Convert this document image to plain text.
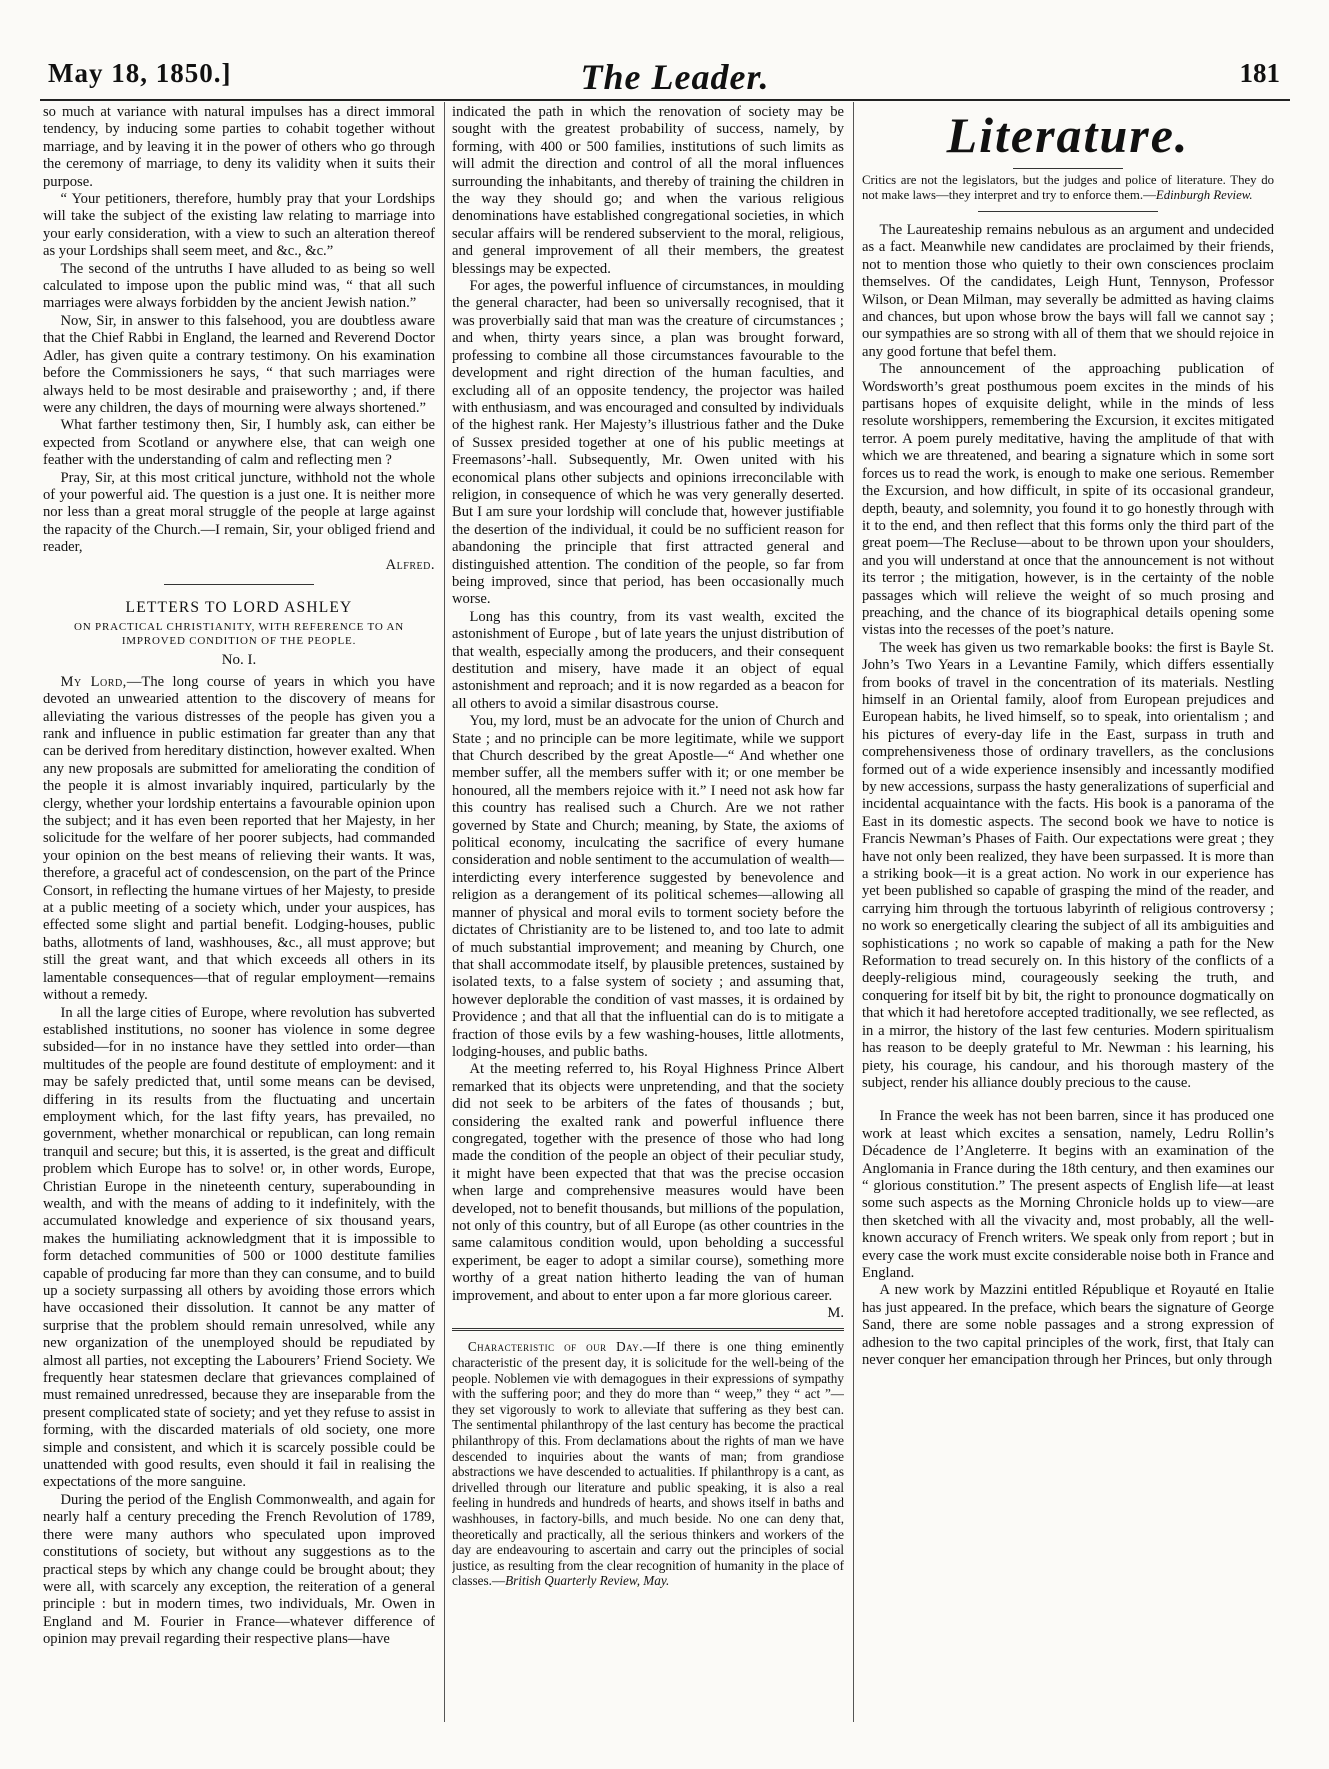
May 18, 1850.]	The Leader.	181

so much at variance with natural impulses has a direct immoral tendency, by inducing some parties to cohabit together without marriage, and by leaving it in the power of others who go through the ceremony of marriage, to deny its validity when it suits their purpose.

“ Your petitioners, therefore, humbly pray that your Lordships will take the subject of the existing law relating to marriage into your early consideration, with a view to such an alteration thereof as your Lordships shall seem meet, and &c., &c.”

The second of the untruths I have alluded to as being so well calculated to impose upon the public mind was, “ that all such marriages were always forbidden by the ancient Jewish nation.”

Now, Sir, in answer to this falsehood, you are doubtless aware that the Chief Rabbi in England, the learned and Reverend Doctor Adler, has given quite a contrary testimony. On his examination before the Commissioners he says, “ that such marriages were always held to be most desirable and praiseworthy ; and, if there were any children, the days of mourning were always shortened.”

What farther testimony then, Sir, I humbly ask, can either be expected from Scotland or anywhere else, that can weigh one feather with the understanding of calm and reflecting men ?

Pray, Sir, at this most critical juncture, withhold not the whole of your powerful aid. The question is a just one. It is neither more nor less than a great moral struggle of the people at large against the rapacity of the Church.—I remain, Sir, your obliged friend and reader,

Alfred.

LETTERS TO LORD ASHLEY

ON PRACTICAL CHRISTIANITY, WITH REFERENCE TO AN IMPROVED CONDITION OF THE PEOPLE.

No. I.

My Lord,—The long course of years in which you have devoted an unwearied attention to the discovery of means for alleviating the various distresses of the people has given you a rank and influence in public estimation far greater than any that can be derived from hereditary distinction, however exalted. When any new proposals are submitted for ameliorating the condition of the people it is almost invariably inquired, particularly by the clergy, whether your lordship entertains a favourable opinion upon the subject; and it has even been reported that her Majesty, in her solicitude for the welfare of her poorer subjects, had commanded your opinion on the best means of relieving their wants. It was, therefore, a graceful act of condescension, on the part of the Prince Consort, in reflecting the humane virtues of her Majesty, to preside at a public meeting of a society which, under your auspices, has effected some slight and partial benefit. Lodging-houses, public baths, allotments of land, washhouses, &c., all must approve; but still the great want, and that which exceeds all others in its lamentable consequences—that of regular employment—remains without a remedy.

In all the large cities of Europe, where revolution has subverted established institutions, no sooner has violence in some degree subsided—for in no instance have they settled into order—than multitudes of the people are found destitute of employment: and it may be safely predicted that, until some means can be devised, differing in its results from the fluctuating and uncertain employment which, for the last fifty years, has prevailed, no government, whether monarchical or republican, can long remain tranquil and secure; but this, it is asserted, is the great and difficult problem which Europe has to solve! or, in other words, Europe, Christian Europe in the nineteenth century, superabounding in wealth, and with the means of adding to it indefinitely, with the accumulated knowledge and experience of six thousand years, makes the humiliating acknowledgment that it is impossible to form detached communities of 500 or 1000 destitute families capable of producing far more than they can consume, and to build up a society surpassing all others by avoiding those errors which have occasioned their dissolution. It cannot be any matter of surprise that the problem should remain unresolved, while any new organization of the unemployed should be repudiated by almost all parties, not excepting the Labourers’ Friend Society. We frequently hear statesmen declare that grievances complained of must remained unredressed, because they are inseparable from the present complicated state of society; and yet they refuse to assist in forming, with the discarded materials of old society, one more simple and consistent, and which it is scarcely possible could be unattended with good results, even should it fail in realising the expectations of the more sanguine.

During the period of the English Commonwealth, and again for nearly half a century preceding the French Revolution of 1789, there were many authors who speculated upon improved constitutions of society, but without any suggestions as to the practical steps by which any change could be brought about; they were all, with scarcely any exception, the reiteration of a general principle : but in modern times, two individuals, Mr. Owen in England and M. Fourier in France—whatever difference of opinion may prevail regarding their respective plans—have

indicated the path in which the renovation of society may be sought with the greatest probability of success, namely, by forming, with 400 or 500 families, institutions of such limits as will admit the direction and control of all the moral influences surrounding the inhabitants, and thereby of training the children in the way they should go; and when the various religious denominations have established congregational societies, in which secular affairs will be rendered subservient to the moral, religious, and general improvement of all their members, the greatest blessings may be expected.

For ages, the powerful influence of circumstances, in moulding the general character, had been so universally recognised, that it was proverbially said that man was the creature of circumstances ; and when, thirty years since, a plan was brought forward, professing to combine all those circumstances favourable to the development and right direction of the human faculties, and excluding all of an opposite tendency, the projector was hailed with enthusiasm, and was encouraged and consulted by individuals of the highest rank. Her Majesty’s illustrious father and the Duke of Sussex presided together at one of his public meetings at Freemasons’-hall. Subsequently, Mr. Owen united with his economical plans other subjects and opinions irreconcilable with religion, in consequence of which he was very generally deserted. But I am sure your lordship will conclude that, however justifiable the desertion of the individual, it could be no sufficient reason for abandoning the principle that first attracted general and distinguished attention. The condition of the people, so far from being improved, since that period, has been occasionally much worse.

Long has this country, from its vast wealth, excited the astonishment of Europe , but of late years the unjust distribution of that wealth, especially among the producers, and their consequent destitution and misery, have made it an object of equal astonishment and reproach; and it is now regarded as a beacon for all others to avoid a similar disastrous course.

You, my lord, must be an advocate for the union of Church and State ; and no principle can be more legitimate, while we support that Church described by the great Apostle—“ And whether one member suffer, all the members suffer with it; or one member be honoured, all the members rejoice with it.” I need not ask how far this country has realised such a Church. Are we not rather governed by State and Church; meaning, by State, the axioms of political economy, inculcating the sacrifice of every humane consideration and noble sentiment to the accumulation of wealth—interdicting every interference suggested by benevolence and religion as a derangement of its political schemes—allowing all manner of physical and moral evils to torment society before the dictates of Christianity are to be listened to, and too late to admit of much substantial improvement; and meaning by Church, one that shall accommodate itself, by plausible pretences, sustained by isolated texts, to a false system of society ; and assuming that, however deplorable the condition of vast masses, it is ordained by Providence ; and that all that the influential can do is to mitigate a fraction of those evils by a few washing-houses, little allotments, lodging-houses, and public baths.

At the meeting referred to, his Royal Highness Prince Albert remarked that its objects were unpretending, and that the society did not seek to be arbiters of the fates of thousands ; but, considering the exalted rank and powerful influence there congregated, together with the presence of those who had long made the condition of the people an object of their peculiar study, it might have been expected that that was the precise occasion when large and comprehensive measures would have been developed, not to benefit thousands, but millions of the population, not only of this country, but of all Europe (as other countries in the same calamitous condition would, upon beholding a successful experiment, be eager to adopt a similar course), something more worthy of a great nation hitherto leading the van of human improvement, and about to enter upon a far more glorious career.

M.

Characteristic of our Day.—If there is one thing eminently characteristic of the present day, it is solicitude for the well-being of the people. Noblemen vie with demagogues in their expressions of sympathy with the suffering poor; and they do more than “ weep,” they “ act ”—they set vigorously to work to alleviate that suffering as they best can. The sentimental philanthropy of the last century has become the practical philanthropy of this. From declamations about the rights of man we have descended to inquiries about the wants of man; from grandiose abstractions we have descended to actualities. If philanthropy is a cant, as drivelled through our literature and public speaking, it is also a real feeling in hundreds and hundreds of hearts, and shows itself in baths and washhouses, in factory-bills, and much beside. No one can deny that, theoretically and practically, all the serious thinkers and workers of the day are endeavouring to ascertain and carry out the principles of social justice, as resulting from the clear recognition of humanity in the place of classes.—British Quarterly Review, May.

Literature.

Critics are not the legislators, but the judges and police of literature. They do not make laws—they interpret and try to enforce them.—Edinburgh Review.

The Laureateship remains nebulous as an argument and undecided as a fact. Meanwhile new candidates are proclaimed by their friends, not to mention those who quietly to their own consciences proclaim themselves. Of the candidates, Leigh Hunt, Tennyson, Professor Wilson, or Dean Milman, may severally be admitted as having claims and chances, but upon whose brow the bays will fall we cannot say ; our sympathies are so strong with all of them that we should rejoice in any good fortune that befel them.

The announcement of the approaching publication of Wordsworth’s great posthumous poem excites in the minds of his partisans hopes of exquisite delight, while in the minds of less resolute worshippers, remembering the Excursion, it excites mitigated terror. A poem purely meditative, having the amplitude of that with which we are threatened, and bearing a signature which in some sort forces us to read the work, is enough to make one serious. Remember the Excursion, and how difficult, in spite of its occasional grandeur, depth, beauty, and solemnity, you found it to go honestly through with it to the end, and then reflect that this forms only the third part of the great poem—The Recluse—about to be thrown upon your shoulders, and you will understand at once that the announcement is not without its terror ; the mitigation, however, is in the certainty of the noble passages which will relieve the weight of so much prosing and preaching, and the chance of its biographical details opening some vistas into the recesses of the poet’s nature.

The week has given us two remarkable books: the first is Bayle St. John’s Two Years in a Levantine Family, which differs essentially from books of travel in the concentration of its materials. Nestling himself in an Oriental family, aloof from European prejudices and European habits, he lived himself, so to speak, into orientalism ; and his pictures of every-day life in the East, surpass in truth and comprehensiveness those of ordinary travellers, as the conclusions formed out of a wide experience insensibly and incessantly modified by new accessions, surpass the hasty generalizations of superficial and incidental acquaintance with the facts. His book is a panorama of the East in its domestic aspects. The second book we have to notice is Francis Newman’s Phases of Faith. Our expectations were great ; they have not only been realized, they have been surpassed. It is more than a striking book—it is a great action. No work in our experience has yet been published so capable of grasping the mind of the reader, and carrying him through the tortuous labyrinth of religious controversy ; no work so energetically clearing the subject of all its ambiguities and sophistications ; no work so capable of making a path for the New Reformation to tread securely on. In this history of the conflicts of a deeply-religious mind, courageously seeking the truth, and conquering for itself bit by bit, the right to pronounce dogmatically on that which it had heretofore accepted traditionally, we see reflected, as in a mirror, the history of the last few centuries. Modern spiritualism has reason to be deeply grateful to Mr. Newman : his learning, his piety, his courage, his candour, and his thorough mastery of the subject, render his alliance doubly precious to the cause.

In France the week has not been barren, since it has produced one work at least which excites a sensation, namely, Ledru Rollin’s Décadence de l’Angleterre. It begins with an examination of the Anglomania in France during the 18th century, and then examines our “ glorious constitution.” The present aspects of English life—at least some such aspects as the Morning Chronicle holds up to view—are then sketched with all the vivacity and, most probably, all the well-known accuracy of French writers. We speak only from report ; but in every case the work must excite considerable noise both in France and England.

A new work by Mazzini entitled République et Royauté en Italie has just appeared. In the preface, which bears the signature of George Sand, there are some noble passages and a strong expression of adhesion to the two capital principles of the work, first, that Italy can never conquer her emancipation through her Princes, but only through
